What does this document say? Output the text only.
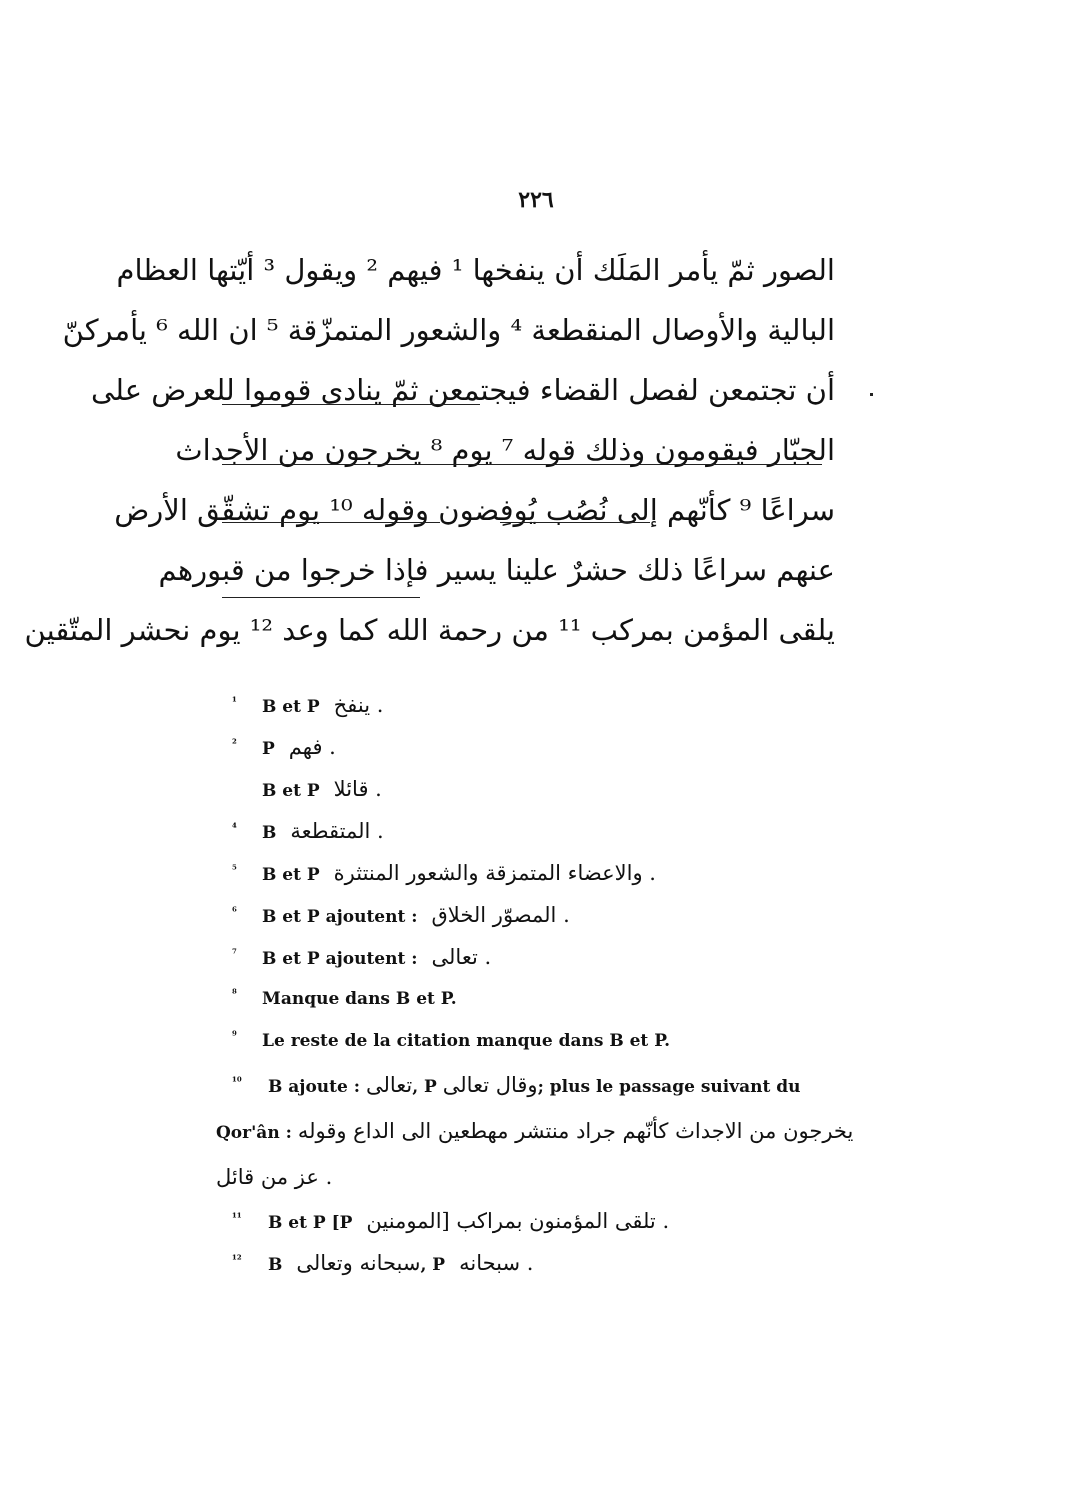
٢٢٦
الصور ثمّ يأمر المَلَك أن ينفخها ¹ فيهم ² ويقول ³ أيّتها العظام
البالية والأوصال المنقطعة ⁴ والشعور المتمزّقة ⁵ ان الله ⁶ يأمركنّ
أن تجتمعن لفصل القضاء فيجتمعن ثمّ ينادى قوموا للعرض على
الجبّار فيقومون وذلك قوله ⁷ يوم ⁸ يخرجون من الأجداث
سراعًا ⁹ كأنّهم إلى نُصُب يُوفِضون وقوله ¹⁰ يوم تشقّق الأرض
عنهم سراعًا ذلك حشرٌ علينا يسير فإذا خرجوا من قبورهم
يلقى المؤمن بمركب ¹¹ من رحمة الله كما وعد ¹² يوم نحشر المتّقين
¹ B et P ينفخ .
² P فهم .
B et P قائلا .
⁴ B المتقطعة .
⁵ B et P والاعضاء المتمزقة والشعور المنتثرة .
⁶ B et P ajoutent : المصوّر الخلاق .
⁷ B et P ajoutent : تعالى .
⁸ Manque dans B et P.
⁹ Le reste de la citation manque dans B et P.
¹⁰ B ajoute : تعالى, P وقال تعالى; plus le passage suivant du
Qor'ân : يخرجون من الاجداث كأنّهم جراد منتشر مهطعين الى الداع وقوله
عز من قائل .
¹¹ B et P [P تلقى المؤمنون بمراكب [المومنين .
¹² B سبحانه وتعالى, P سبحانه .
